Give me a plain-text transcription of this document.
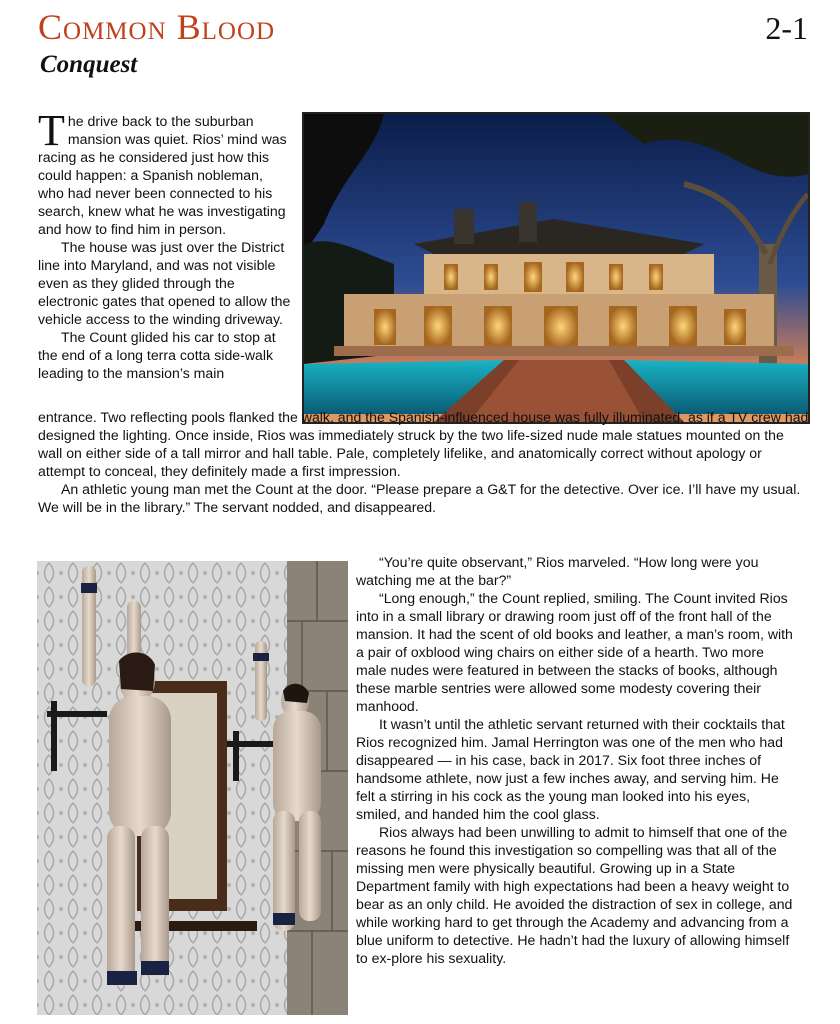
Common Blood
Conquest
2-1

The drive back to the suburban mansion was quiet. Rios’ mind was racing as he considered just how this could happen: a Spanish nobleman, who had never been connected to his search, knew what he was investigating and how to find him in person.

The house was just over the District line into Maryland, and was not visible even as they glided through the electronic gates that opened to allow the vehicle access to the winding driveway.

The Count glided his car to stop at the end of a long terra cotta side-walk leading to the mansion’s main

entrance. Two reflecting pools flanked the walk, and the Spanish-influenced house was fully illuminated, as if a TV crew had designed the lighting. Once inside, Rios was immediately struck by the two life-sized nude male statues mounted on the wall on either side of a tall mirror and hall table. Pale, completely lifelike, and anatomically correct without apology or attempt to conceal, they definitely made a first impression.

An athletic young man met the Count at the door. “Please prepare a G&T for the detective. Over ice. I’ll have my usual. We will be in the library.” The servant nodded, and disappeared.

“You’re quite observant,” Rios marveled. “How long were you watching me at the bar?”

“Long enough,” the Count replied, smiling. The Count invited Rios into in a small library or drawing room just off of the front hall of the mansion. It had the scent of old books and leather, a man’s room, with a pair of oxblood wing chairs on either side of a hearth. Two more male nudes were featured in between the stacks of books, although these marble sentries were allowed some modesty covering their manhood.

It wasn’t until the athletic servant returned with their cocktails that Rios recognized him. Jamal Herrington was one of the men who had disappeared — in his case, back in 2017. Six foot three inches of handsome athlete, now just a few inches away, and serving him. He felt a stirring in his cock as the young man looked into his eyes, smiled, and handed him the cool glass.

Rios always had been unwilling to admit to himself that one of the reasons he found this investigation so compelling was that all of the missing men were physically beautiful. Growing up in a State Department family with high expectations had been a heavy weight to bear as an only child. He avoided the distraction of sex in college, and while working hard to get through the Academy and advancing from a blue uniform to detective. He hadn’t had the luxury of allowing himself to ex-plore his sexuality.
